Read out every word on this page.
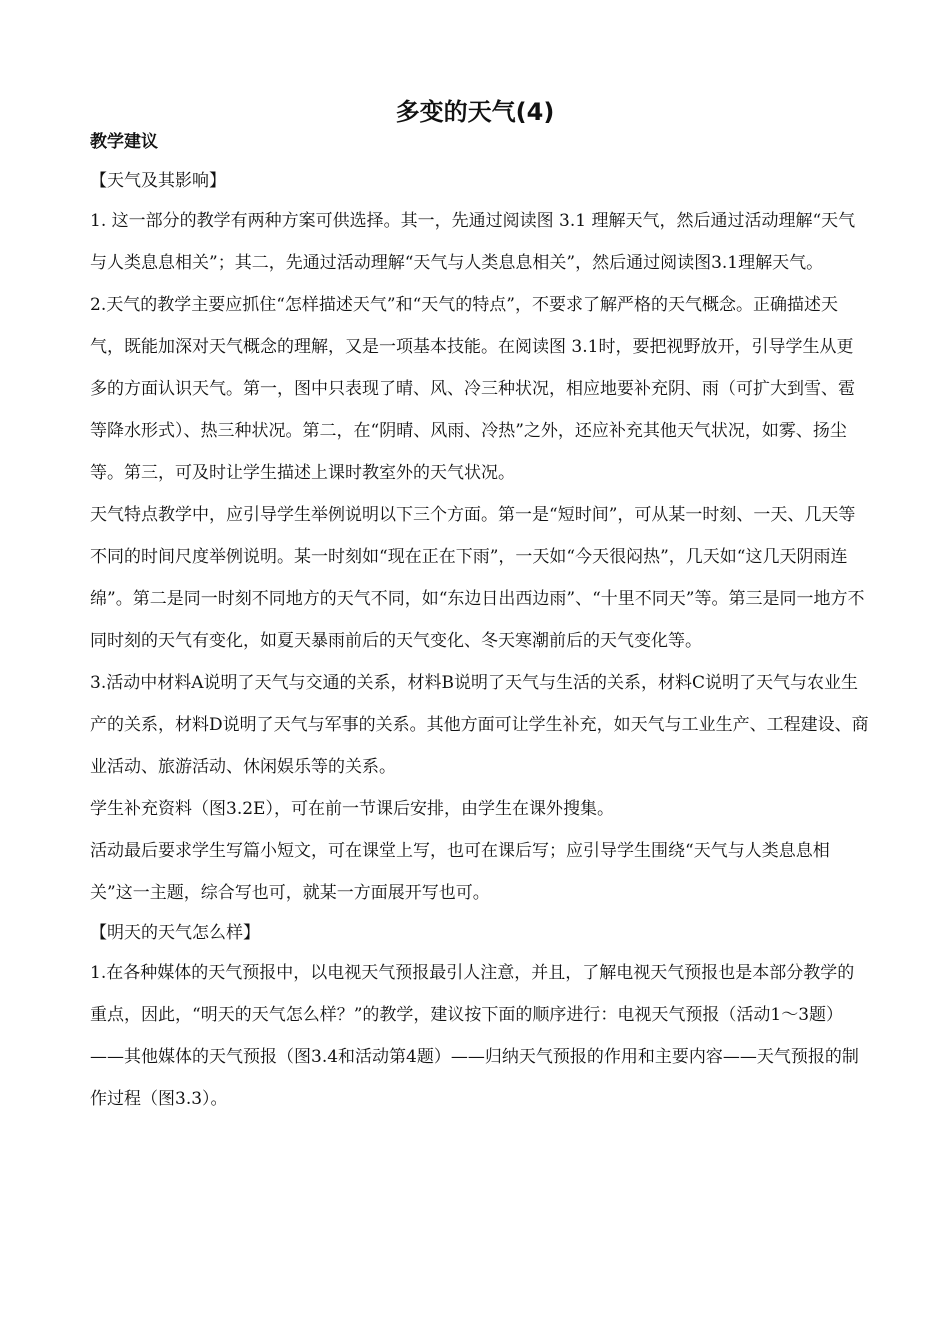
多变的天气(4)

教学建议

【天气及其影响】

1. 这一部分的教学有两种方案可供选择。其一，先通过阅读图 3.1 理解天气，然后通过活动理解“天气与人类息息相关”；其二，先通过活动理解“天气与人类息息相关”，然后通过阅读图3.1理解天气。

2.天气的教学主要应抓住“怎样描述天气”和“天气的特点”，不要求了解严格的天气概念。正确描述天气，既能加深对天气概念的理解，又是一项基本技能。在阅读图 3.1时，要把视野放开，引导学生从更多的方面认识天气。第一，图中只表现了晴、风、冷三种状况，相应地要补充阴、雨（可扩大到雪、雹等降水形式）、热三种状况。第二，在“阴晴、风雨、冷热”之外，还应补充其他天气状况，如雾、扬尘等。第三，可及时让学生描述上课时教室外的天气状况。

天气特点教学中，应引导学生举例说明以下三个方面。第一是“短时间”，可从某一时刻、一天、几天等不同的时间尺度举例说明。某一时刻如“现在正在下雨”，一天如“今天很闷热”，几天如“这几天阴雨连绵”。第二是同一时刻不同地方的天气不同，如“东边日出西边雨”、“十里不同天”等。第三是同一地方不同时刻的天气有变化，如夏天暴雨前后的天气变化、冬天寒潮前后的天气变化等。

3.活动中材料A说明了天气与交通的关系，材料B说明了天气与生活的关系，材料C说明了天气与农业生产的关系，材料D说明了天气与军事的关系。其他方面可让学生补充，如天气与工业生产、工程建设、商业活动、旅游活动、休闲娱乐等的关系。

学生补充资料（图3.2E），可在前一节课后安排，由学生在课外搜集。

活动最后要求学生写篇小短文，可在课堂上写，也可在课后写；应引导学生围绕“天气与人类息息相关”这一主题，综合写也可，就某一方面展开写也可。

【明天的天气怎么样】

1.在各种媒体的天气预报中，以电视天气预报最引人注意，并且，了解电视天气预报也是本部分教学的重点，因此，“明天的天气怎么样？”的教学，建议按下面的顺序进行：电视天气预报（活动1～3题）——其他媒体的天气预报（图3.4和活动第4题）——归纳天气预报的作用和主要内容——天气预报的制作过程（图3.3）。
